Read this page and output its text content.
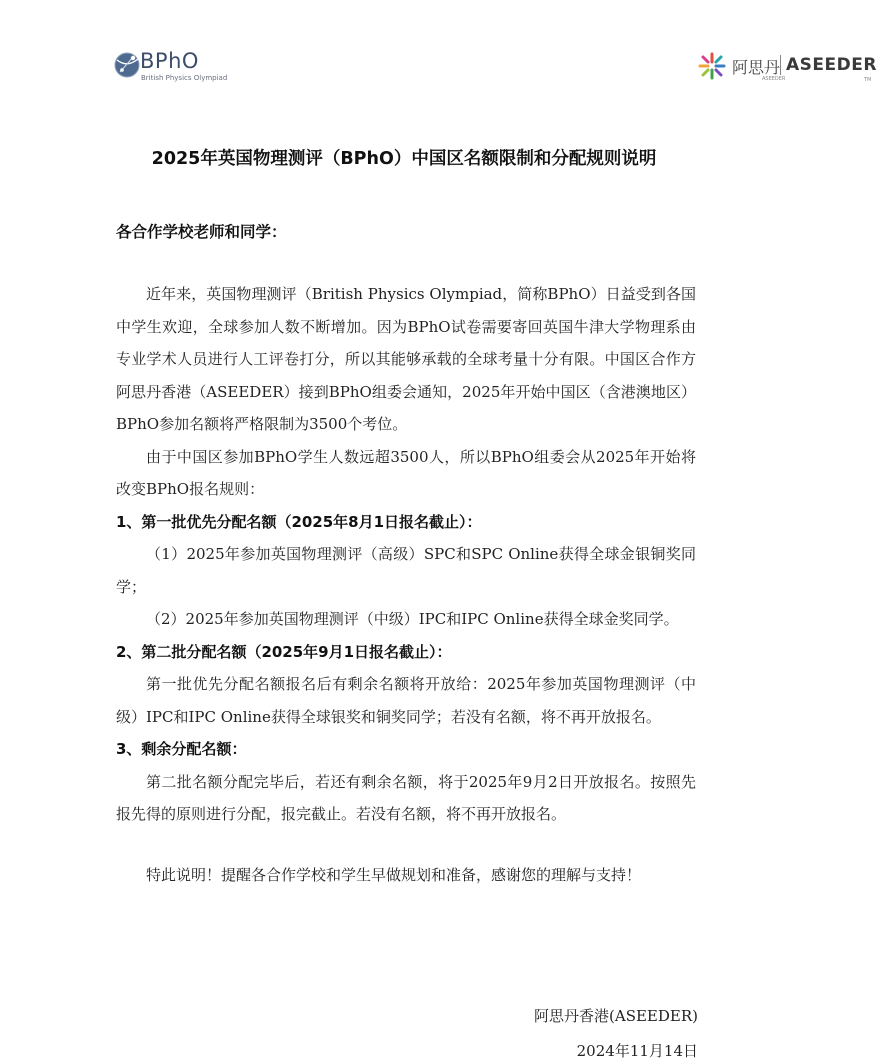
BPhO
British Physics Olympiad
阿思丹
ASEEDER
ASEEDER
TM
2025年英国物理测评（BPhO）中国区名额限制和分配规则说明
各合作学校老师和同学：

近年来，英国物理测评（British Physics Olympiad，简称BPhO）日益受到各国中学生欢迎，全球参加人数不断增加。因为BPhO试卷需要寄回英国牛津大学物理系由专业学术人员进行人工评卷打分，所以其能够承载的全球考量十分有限。中国区合作方阿思丹香港（ASEEDER）接到BPhO组委会通知，2025年开始中国区（含港澳地区）BPhO参加名额将严格限制为3500个考位。

由于中国区参加BPhO学生人数远超3500人，所以BPhO组委会从2025年开始将改变BPhO报名规则：

1、第一批优先分配名额（2025年8月1日报名截止）：

（1）2025年参加英国物理测评（高级）SPC和SPC Online获得全球金银铜奖同学；

（2）2025年参加英国物理测评（中级）IPC和IPC Online获得全球金奖同学。

2、第二批分配名额（2025年9月1日报名截止）：

第一批优先分配名额报名后有剩余名额将开放给：2025年参加英国物理测评（中级）IPC和IPC Online获得全球银奖和铜奖同学；若没有名额，将不再开放报名。

3、剩余分配名额：

第二批名额分配完毕后，若还有剩余名额，将于2025年9月2日开放报名。按照先报先得的原则进行分配，报完截止。若没有名额，将不再开放报名。

特此说明！提醒各合作学校和学生早做规划和准备，感谢您的理解与支持！

阿思丹香港(ASEEDER)
2024年11月14日
